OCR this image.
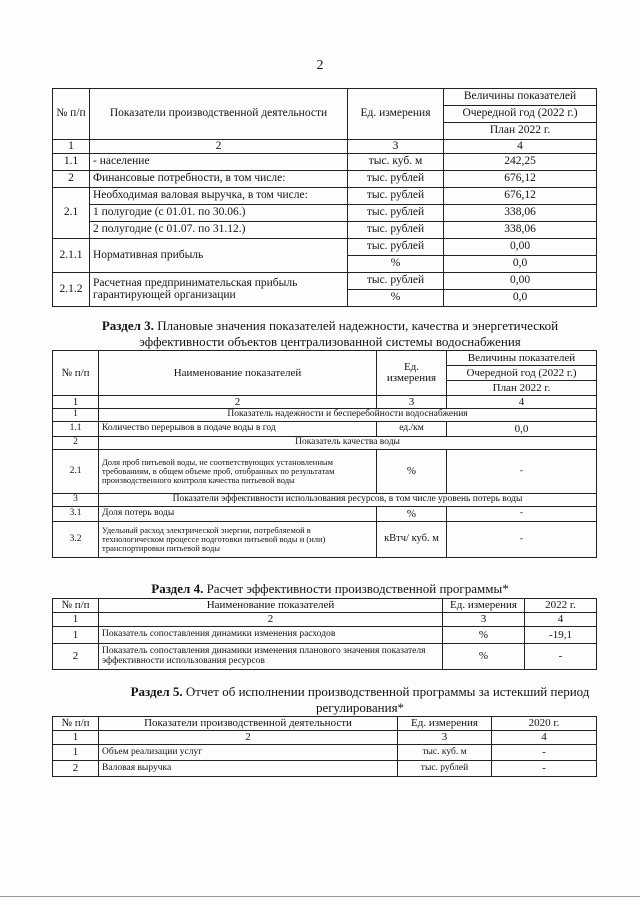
2
№ п/п	Показатели производственной деятельности	Ед. измерения	Величины показателей
			Очередной год (2022 г.)
			План 2022 г.
1	2	3	4
1.1	- население	тыс. куб. м	242,25
2	Финансовые потребности, в том числе:	тыс. рублей	676,12
2.1	Необходимая валовая выручка, в том числе:	тыс. рублей	676,12
	1 полугодие (с 01.01. по 30.06.)	тыс. рублей	338,06
	2 полугодие (с 01.07. по 31.12.)	тыс. рублей	338,06
2.1.1	Нормативная прибыль	тыс. рублей	0,00
		%	0,0
2.1.2	Расчетная предпринимательская прибыль гарантирующей организации	тыс. рублей	0,00
		%	0,0
Раздел 3. Плановые значения показателей надежности, качества и энергетической эффективности объектов централизованной системы водоснабжения
№ п/п	Наименование показателей	Ед. измерения	Величины показателей
			Очередной год (2022 г.)
			План 2022 г.
1	2	3	4
1	Показатель надежности и бесперебойности водоснабжения		
1.1	Количество перерывов в подаче воды в год	ед./км	0,0
2	Показатель качества воды		
2.1	Доля проб питьевой воды, не соответствующих установленным требованиям, в общем объеме проб, отобранных по результатам производственного контроля качества питьевой воды	%	-
3	Показатели эффективности использования ресурсов, в том числе уровень потерь воды		
3.1	Доля потерь воды	%	-
3.2	Удельный расход электрической энергии, потребляемой в технологическом процессе подготовки питьевой воды и (или) транспортировки питьевой воды	кВтч/ куб. м	-
Раздел 4. Расчет эффективности производственной программы*
№ п/п	Наименование показателей	Ед. измерения	2022 г.
1	2	3	4
1	Показатель сопоставления динамики изменения расходов	%	-19,1
2	Показатель сопоставления динамики изменения планового значения показателя эффективности использования ресурсов	%	-
Раздел 5. Отчет об исполнении производственной программы за истекший период регулирования*
№ п/п	Показатели производственной деятельности	Ед. измерения	2020 г.
1	2	3	4
1	Объем реализации услуг	тыс. куб. м	-
2	Валовая выручка	тыс. рублей	-
